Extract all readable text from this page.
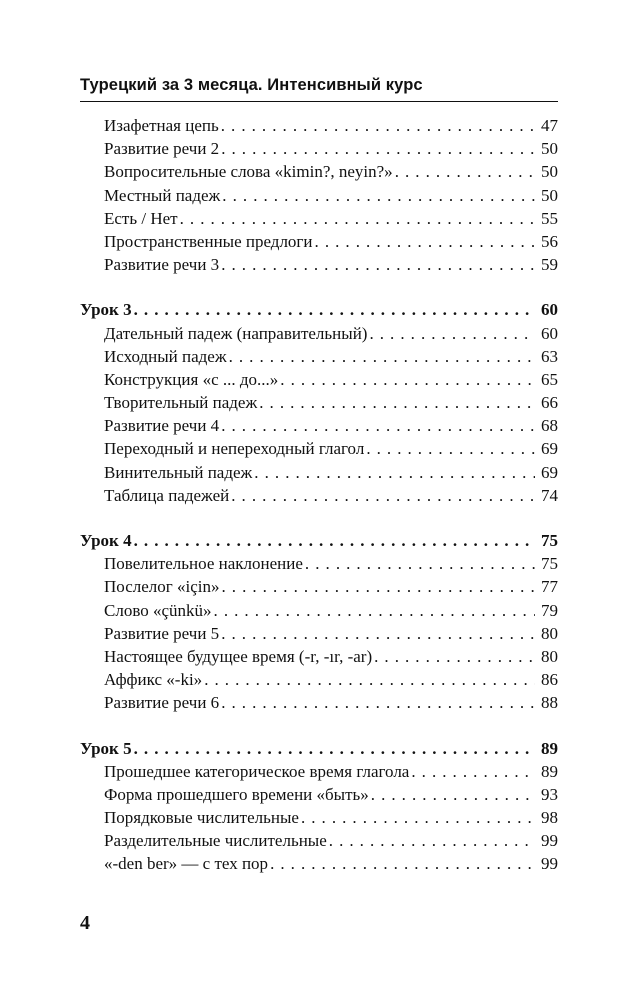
Турецкий за 3 месяца. Интенсивный курс
Изафетная цепь . . .	47
Развитие речи 2 . . .	50
Вопросительные слова «kimin?, neyin?» . . .	50
Местный падеж . . .	50
Есть / Нет . . .	55
Пространственные предлоги . . .	56
Развитие речи 3 . . .	59
Урок 3 . . .	60
Дательный падеж (направительный) . . .	60
Исходный падеж . . .	63
Конструкция «с ... до...» . . .	65
Творительный падеж . . .	66
Развитие речи 4 . . .	68
Переходный и непереходный глагол . . .	69
Винительный падеж . . .	69
Таблица падежей . . .	74
Урок 4 . . .	75
Повелительное наклонение . . .	75
Послелог «için» . . .	77
Слово «çünkü» . . .	79
Развитие речи 5 . . .	80
Настоящее будущее время (-r, -ır, -ar) . . .	80
Аффикс «-ki» . . .	86
Развитие речи 6 . . .	88
Урок 5 . . .	89
Прошедшее категорическое время глагола . . .	89
Форма прошедшего времени «быть» . . .	93
Порядковые числительные . . .	98
Разделительные числительные . . .	99
«-den ber» — с тех пор . . .	99
4
